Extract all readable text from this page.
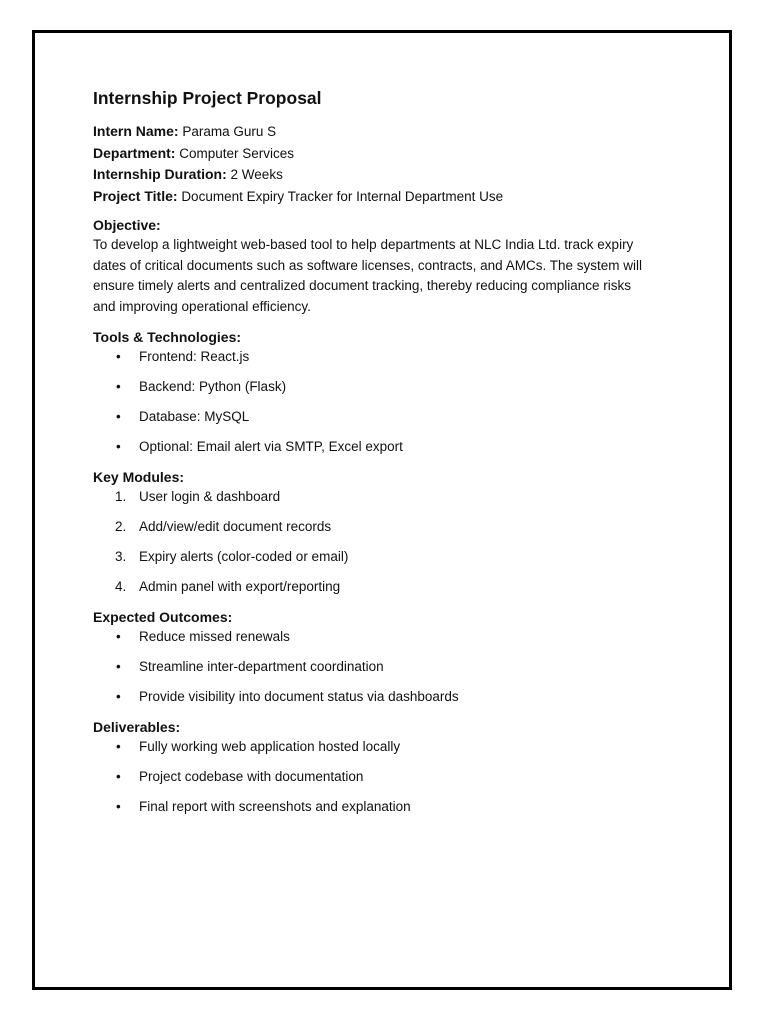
Internship Project Proposal

Intern Name: Parama Guru S

Department: Computer Services

Internship Duration: 2 Weeks

Project Title: Document Expiry Tracker for Internal Department Use

Objective:

To develop a lightweight web-based tool to help departments at NLC India Ltd. track expiry

dates of critical documents such as software licenses, contracts, and AMCs. The system will

ensure timely alerts and centralized document tracking, thereby reducing compliance risks

and improving operational efficiency.

Tools & Technologies:
• Frontend: React.js
• Backend: Python (Flask)
• Database: MySQL
• Optional: Email alert via SMTP, Excel export
Key Modules:
1. User login & dashboard
2. Add/view/edit document records
3. Expiry alerts (color-coded or email)
4. Admin panel with export/reporting
Expected Outcomes:
• Reduce missed renewals
• Streamline inter-department coordination
• Provide visibility into document status via dashboards
Deliverables:
• Fully working web application hosted locally
• Project codebase with documentation
• Final report with screenshots and explanation
